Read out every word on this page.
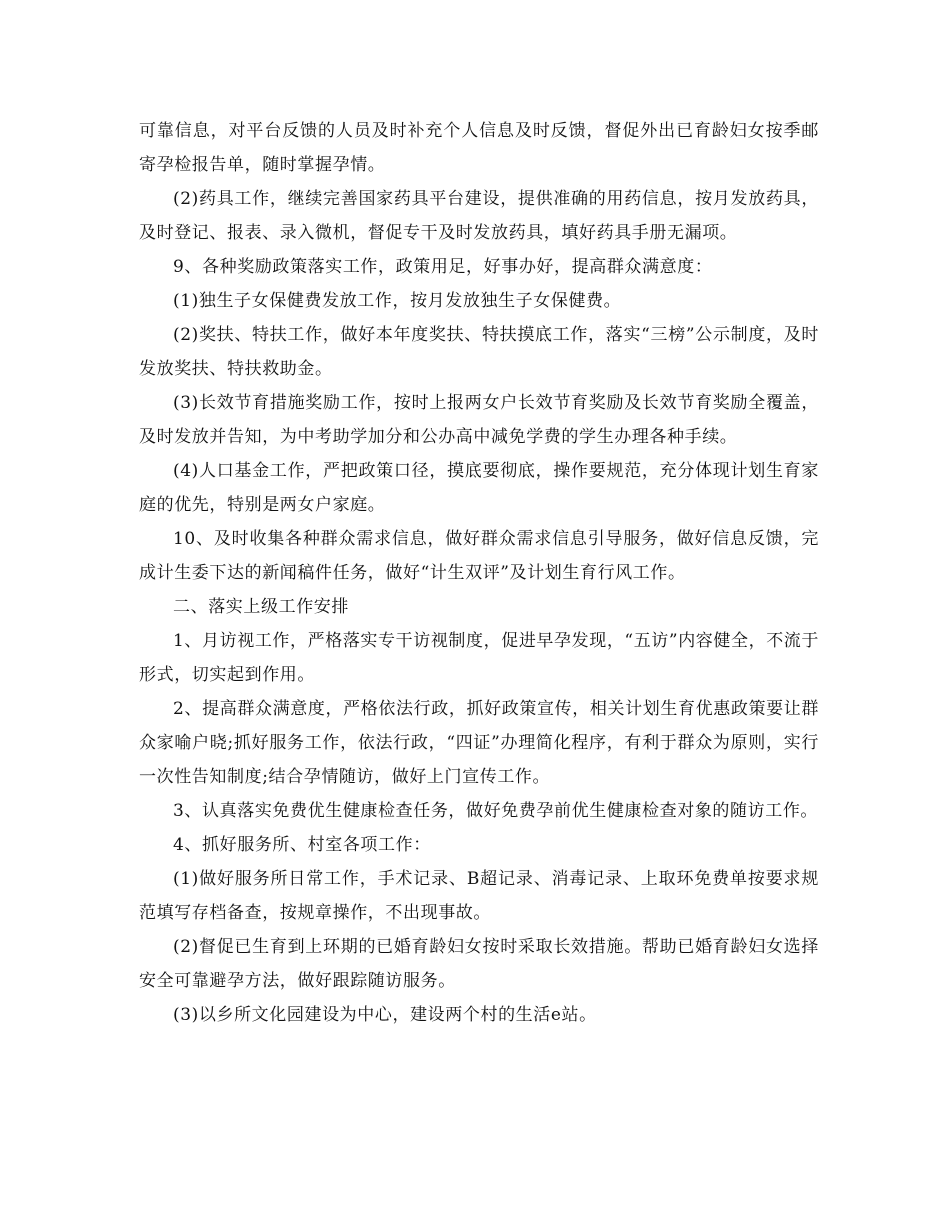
可靠信息，对平台反馈的人员及时补充个人信息及时反馈，督促外出已育龄妇女按季邮寄孕检报告单，随时掌握孕情。

(2)药具工作，继续完善国家药具平台建设，提供准确的用药信息，按月发放药具，及时登记、报表、录入微机，督促专干及时发放药具，填好药具手册无漏项。

9、各种奖励政策落实工作，政策用足，好事办好，提高群众满意度：

(1)独生子女保健费发放工作，按月发放独生子女保健费。

(2)奖扶、特扶工作，做好本年度奖扶、特扶摸底工作，落实“三榜”公示制度，及时发放奖扶、特扶救助金。

(3)长效节育措施奖励工作，按时上报两女户长效节育奖励及长效节育奖励全覆盖，及时发放并告知，为中考助学加分和公办高中减免学费的学生办理各种手续。

(4)人口基金工作，严把政策口径，摸底要彻底，操作要规范，充分体现计划生育家庭的优先，特别是两女户家庭。

10、及时收集各种群众需求信息，做好群众需求信息引导服务，做好信息反馈，完成计生委下达的新闻稿件任务，做好“计生双评”及计划生育行风工作。

二、落实上级工作安排

1、月访视工作，严格落实专干访视制度，促进早孕发现，“五访”内容健全，不流于形式，切实起到作用。

2、提高群众满意度，严格依法行政，抓好政策宣传，相关计划生育优惠政策要让群众家喻户晓;抓好服务工作，依法行政，“四证”办理简化程序，有利于群众为原则，实行一次性告知制度;结合孕情随访，做好上门宣传工作。

3、认真落实免费优生健康检查任务，做好免费孕前优生健康检查对象的随访工作。

4、抓好服务所、村室各项工作：

(1)做好服务所日常工作，手术记录、B超记录、消毒记录、上取环免费单按要求规范填写存档备查，按规章操作，不出现事故。

(2)督促已生育到上环期的已婚育龄妇女按时采取长效措施。帮助已婚育龄妇女选择安全可靠避孕方法，做好跟踪随访服务。

(3)以乡所文化园建设为中心，建设两个村的生活e站。
